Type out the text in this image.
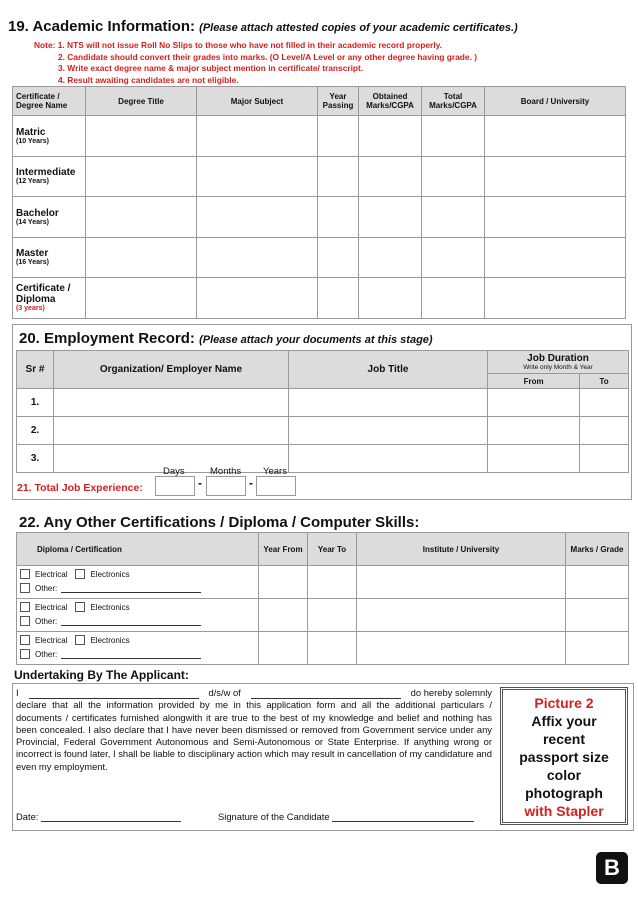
19. Academic Information: (Please attach attested copies of your academic certificates.)
Note: 1. NTS will not issue Roll No Slips to those who have not filled in their academic record properly.
2. Candidate should convert their grades into marks. (O Level/A Level or any other degree having grade. )
3. Write exact degree name & major subject mention in certificate/ transcript.
4. Result awaiting candidates are not eligible.
Certificate / Degree Name	Degree Title	Major Subject	Year Passing	Obtained Marks/CGPA	Total Marks/CGPA	Board / University
Matric
(10 Years)						

Intermediate
(12 Years)						

Bachelor
(14 Years)						

Master
(16 Years)						

Certificate / Diploma
(3 years)						

20. Employment Record: (Please attach your documents at this stage)
Sr #	Organization/ Employer Name	Job Title	Job Duration
Write only Month & Year	

			From	To
1.				
2.				
3.				
21. Total Job Experience:
Days	Months Years
-	-
22. Any Other Certifications / Diploma / Computer Skills:
Diploma / Certification	Year From	Year To	Institute / University	Marks / Grade

Electrical Electronics
Other:				

Electrical Electronics
Other:				

Electrical Electronics
Other:				

Undertaking By The Applicant:
I	d/s/w of	do hereby solemnly
declare that all the information provided by me in this application form and all the additional particulars / documents / certificates furnished alongwith it are true to the best of my knowledge and belief and nothing has been concealed. I also declare that I have never been dismissed or removed from Government service under any Provincial, Federal Government Autonomous and Semi-Autonomous or State Enterprise. If anything wrong or incorrect is found later, I shall be liable to disciplinary action which may result in cancellation of my candidature and even my employment.
Date:	Signature of the Candidate
Picture 2
Affix your
recent
passport size
color
photograph
with Stapler
B
